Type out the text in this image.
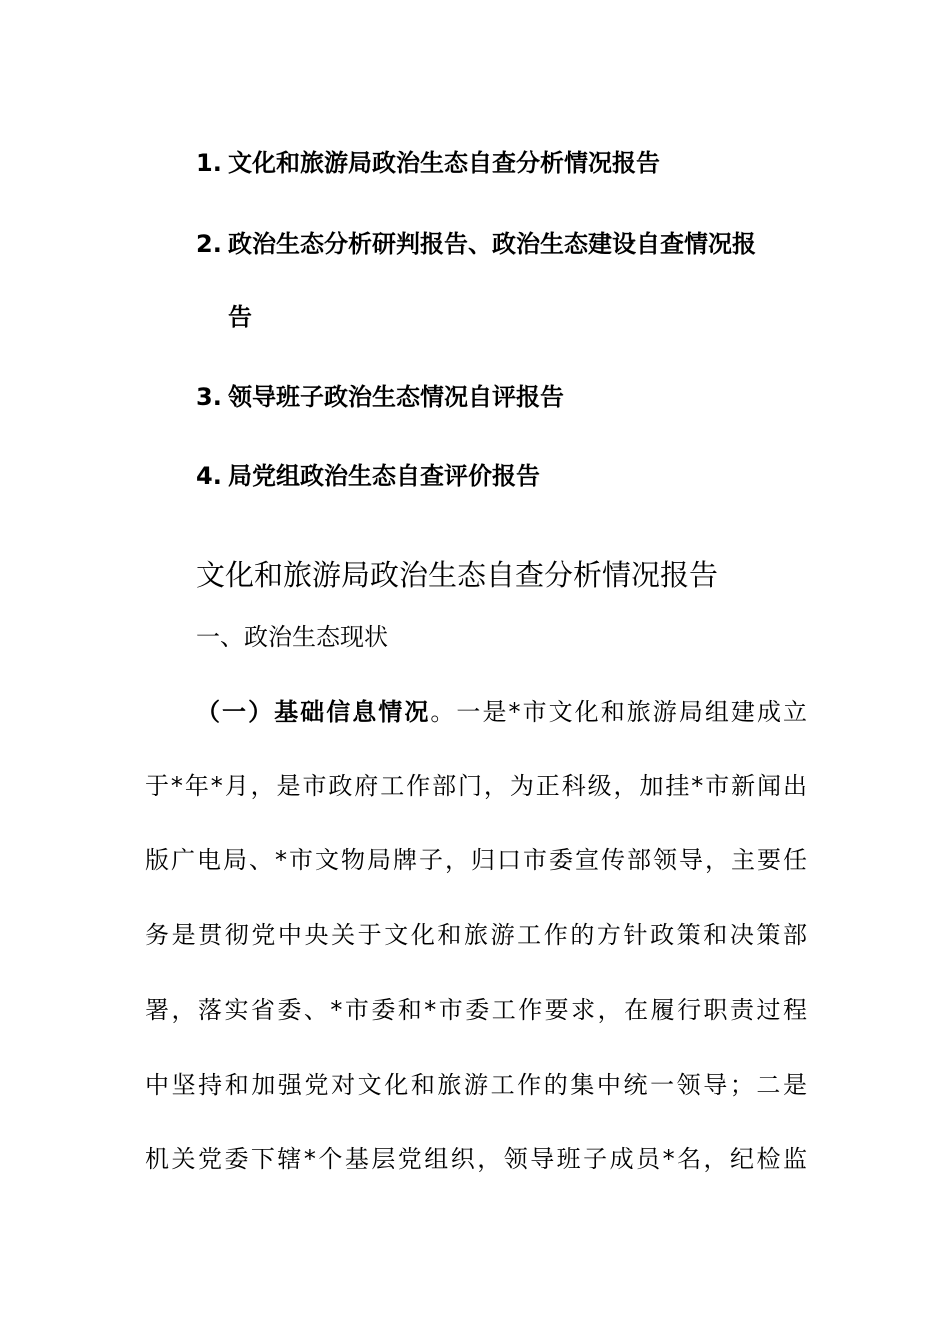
1. 文化和旅游局政治生态自查分析情况报告
2. 政治生态分析研判报告、政治生态建设自查情况报
告
3. 领导班子政治生态情况自评报告
4. 局党组政治生态自查评价报告
文化和旅游局政治生态自查分析情况报告
一、政治生态现状
（一）基础信息情况。一是*市文化和旅游局组建成立
于*年*月，是市政府工作部门，为正科级，加挂*市新闻出
版广电局、*市文物局牌子，归口市委宣传部领导，主要任
务是贯彻党中央关于文化和旅游工作的方针政策和决策部
署，落实省委、*市委和*市委工作要求，在履行职责过程
中坚持和加强党对文化和旅游工作的集中统一领导；二是
机关党委下辖*个基层党组织，领导班子成员*名，纪检监
